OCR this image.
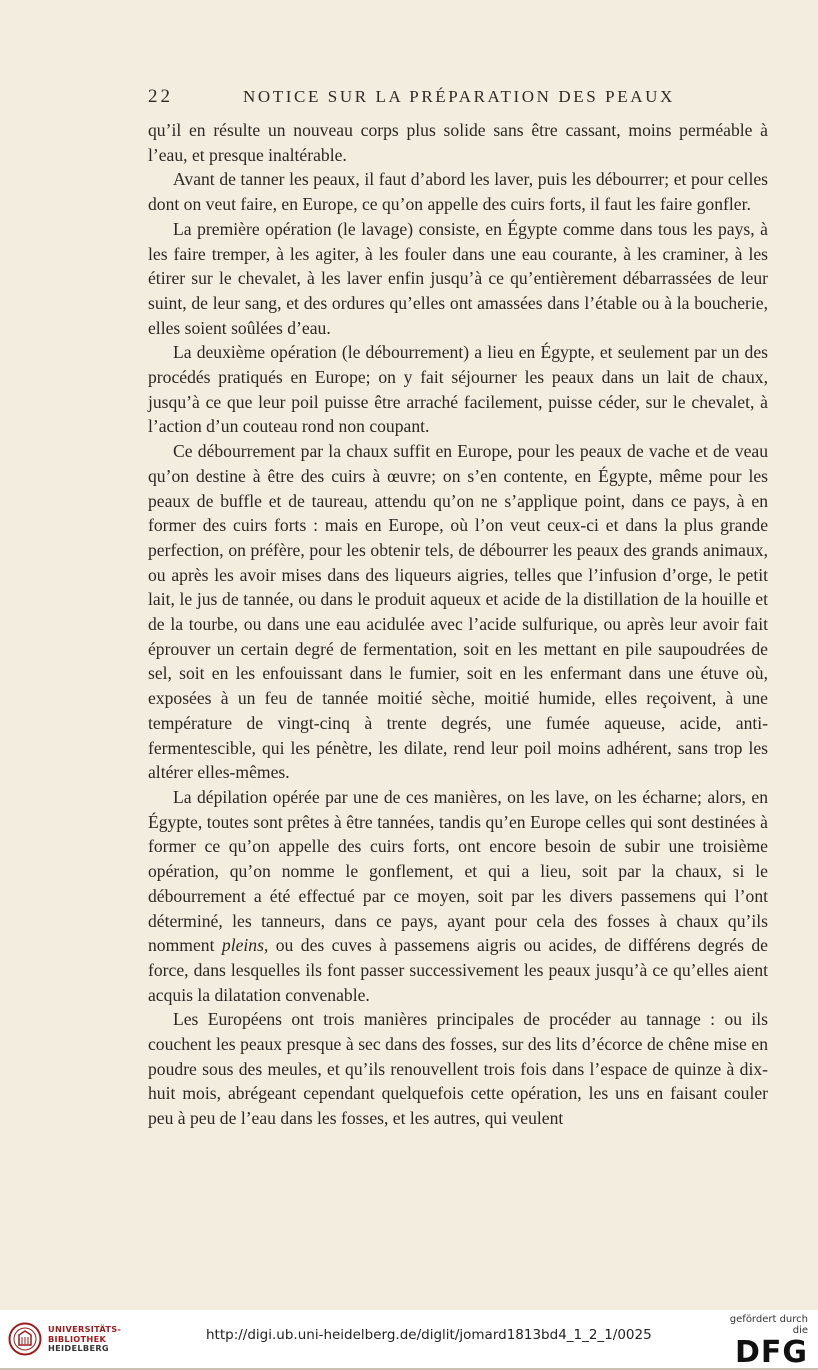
22	NOTICE SUR LA PRÉPARATION DES PEAUX

qu’il en résulte un nouveau corps plus solide sans être cassant, moins perméable à l’eau, et presque inaltérable.

Avant de tanner les peaux, il faut d’abord les laver, puis les débourrer; et pour celles dont on veut faire, en Europe, ce qu’on appelle des cuirs forts, il faut les faire gonfler.

La première opération (le lavage) consiste, en Égypte comme dans tous les pays, à les faire tremper, à les agiter, à les fouler dans une eau courante, à les craminer, à les étirer sur le chevalet, à les laver enfin jusqu’à ce qu’entièrement débarrassées de leur suint, de leur sang, et des ordures qu’elles ont amassées dans l’étable ou à la boucherie, elles soient soûlées d’eau.

La deuxième opération (le débourrement) a lieu en Égypte, et seulement par un des procédés pratiqués en Europe; on y fait séjourner les peaux dans un lait de chaux, jusqu’à ce que leur poil puisse être arraché facilement, puisse céder, sur le chevalet, à l’action d’un couteau rond non coupant.

Ce débourrement par la chaux suffit en Europe, pour les peaux de vache et de veau qu’on destine à être des cuirs à œuvre; on s’en contente, en Égypte, même pour les peaux de buffle et de taureau, attendu qu’on ne s’applique point, dans ce pays, à en former des cuirs forts : mais en Europe, où l’on veut ceux-ci et dans la plus grande perfection, on préfère, pour les obtenir tels, de débourrer les peaux des grands animaux, ou après les avoir mises dans des liqueurs aigries, telles que l’infusion d’orge, le petit lait, le jus de tannée, ou dans le produit aqueux et acide de la distillation de la houille et de la tourbe, ou dans une eau acidulée avec l’acide sulfurique, ou après leur avoir fait éprouver un certain degré de fermentation, soit en les mettant en pile saupoudrées de sel, soit en les enfouissant dans le fumier, soit en les enfermant dans une étuve où, exposées à un feu de tannée moitié sèche, moitié humide, elles reçoivent, à une température de vingt-cinq à trente degrés, une fumée aqueuse, acide, anti-fermentescible, qui les pénètre, les dilate, rend leur poil moins adhérent, sans trop les altérer elles-mêmes.

La dépilation opérée par une de ces manières, on les lave, on les écharne; alors, en Égypte, toutes sont prêtes à être tannées, tandis qu’en Europe celles qui sont destinées à former ce qu’on appelle des cuirs forts, ont encore besoin de subir une troisième opération, qu’on nomme le gonflement, et qui a lieu, soit par la chaux, si le débourrement a été effectué par ce moyen, soit par les divers passemens qui l’ont déterminé, les tanneurs, dans ce pays, ayant pour cela des fosses à chaux qu’ils nomment pleins, ou des cuves à passemens aigris ou acides, de différens degrés de force, dans lesquelles ils font passer successivement les peaux jusqu’à ce qu’elles aient acquis la dilatation convenable.

Les Européens ont trois manières principales de procéder au tannage : ou ils couchent les peaux presque à sec dans des fosses, sur des lits d’écorce de chêne mise en poudre sous des meules, et qu’ils renouvellent trois fois dans l’espace de quinze à dix-huit mois, abrégeant cependant quelquefois cette opération, les uns en faisant couler peu à peu de l’eau dans les fosses, et les autres, qui veulent

UNIVERSITÄTS-
BIBLIOTHEK
HEIDELBERG
http://digi.ub.uni-heidelberg.de/diglit/jomard1813bd4_1_2_1/0025
gefördert durch die
DFG
